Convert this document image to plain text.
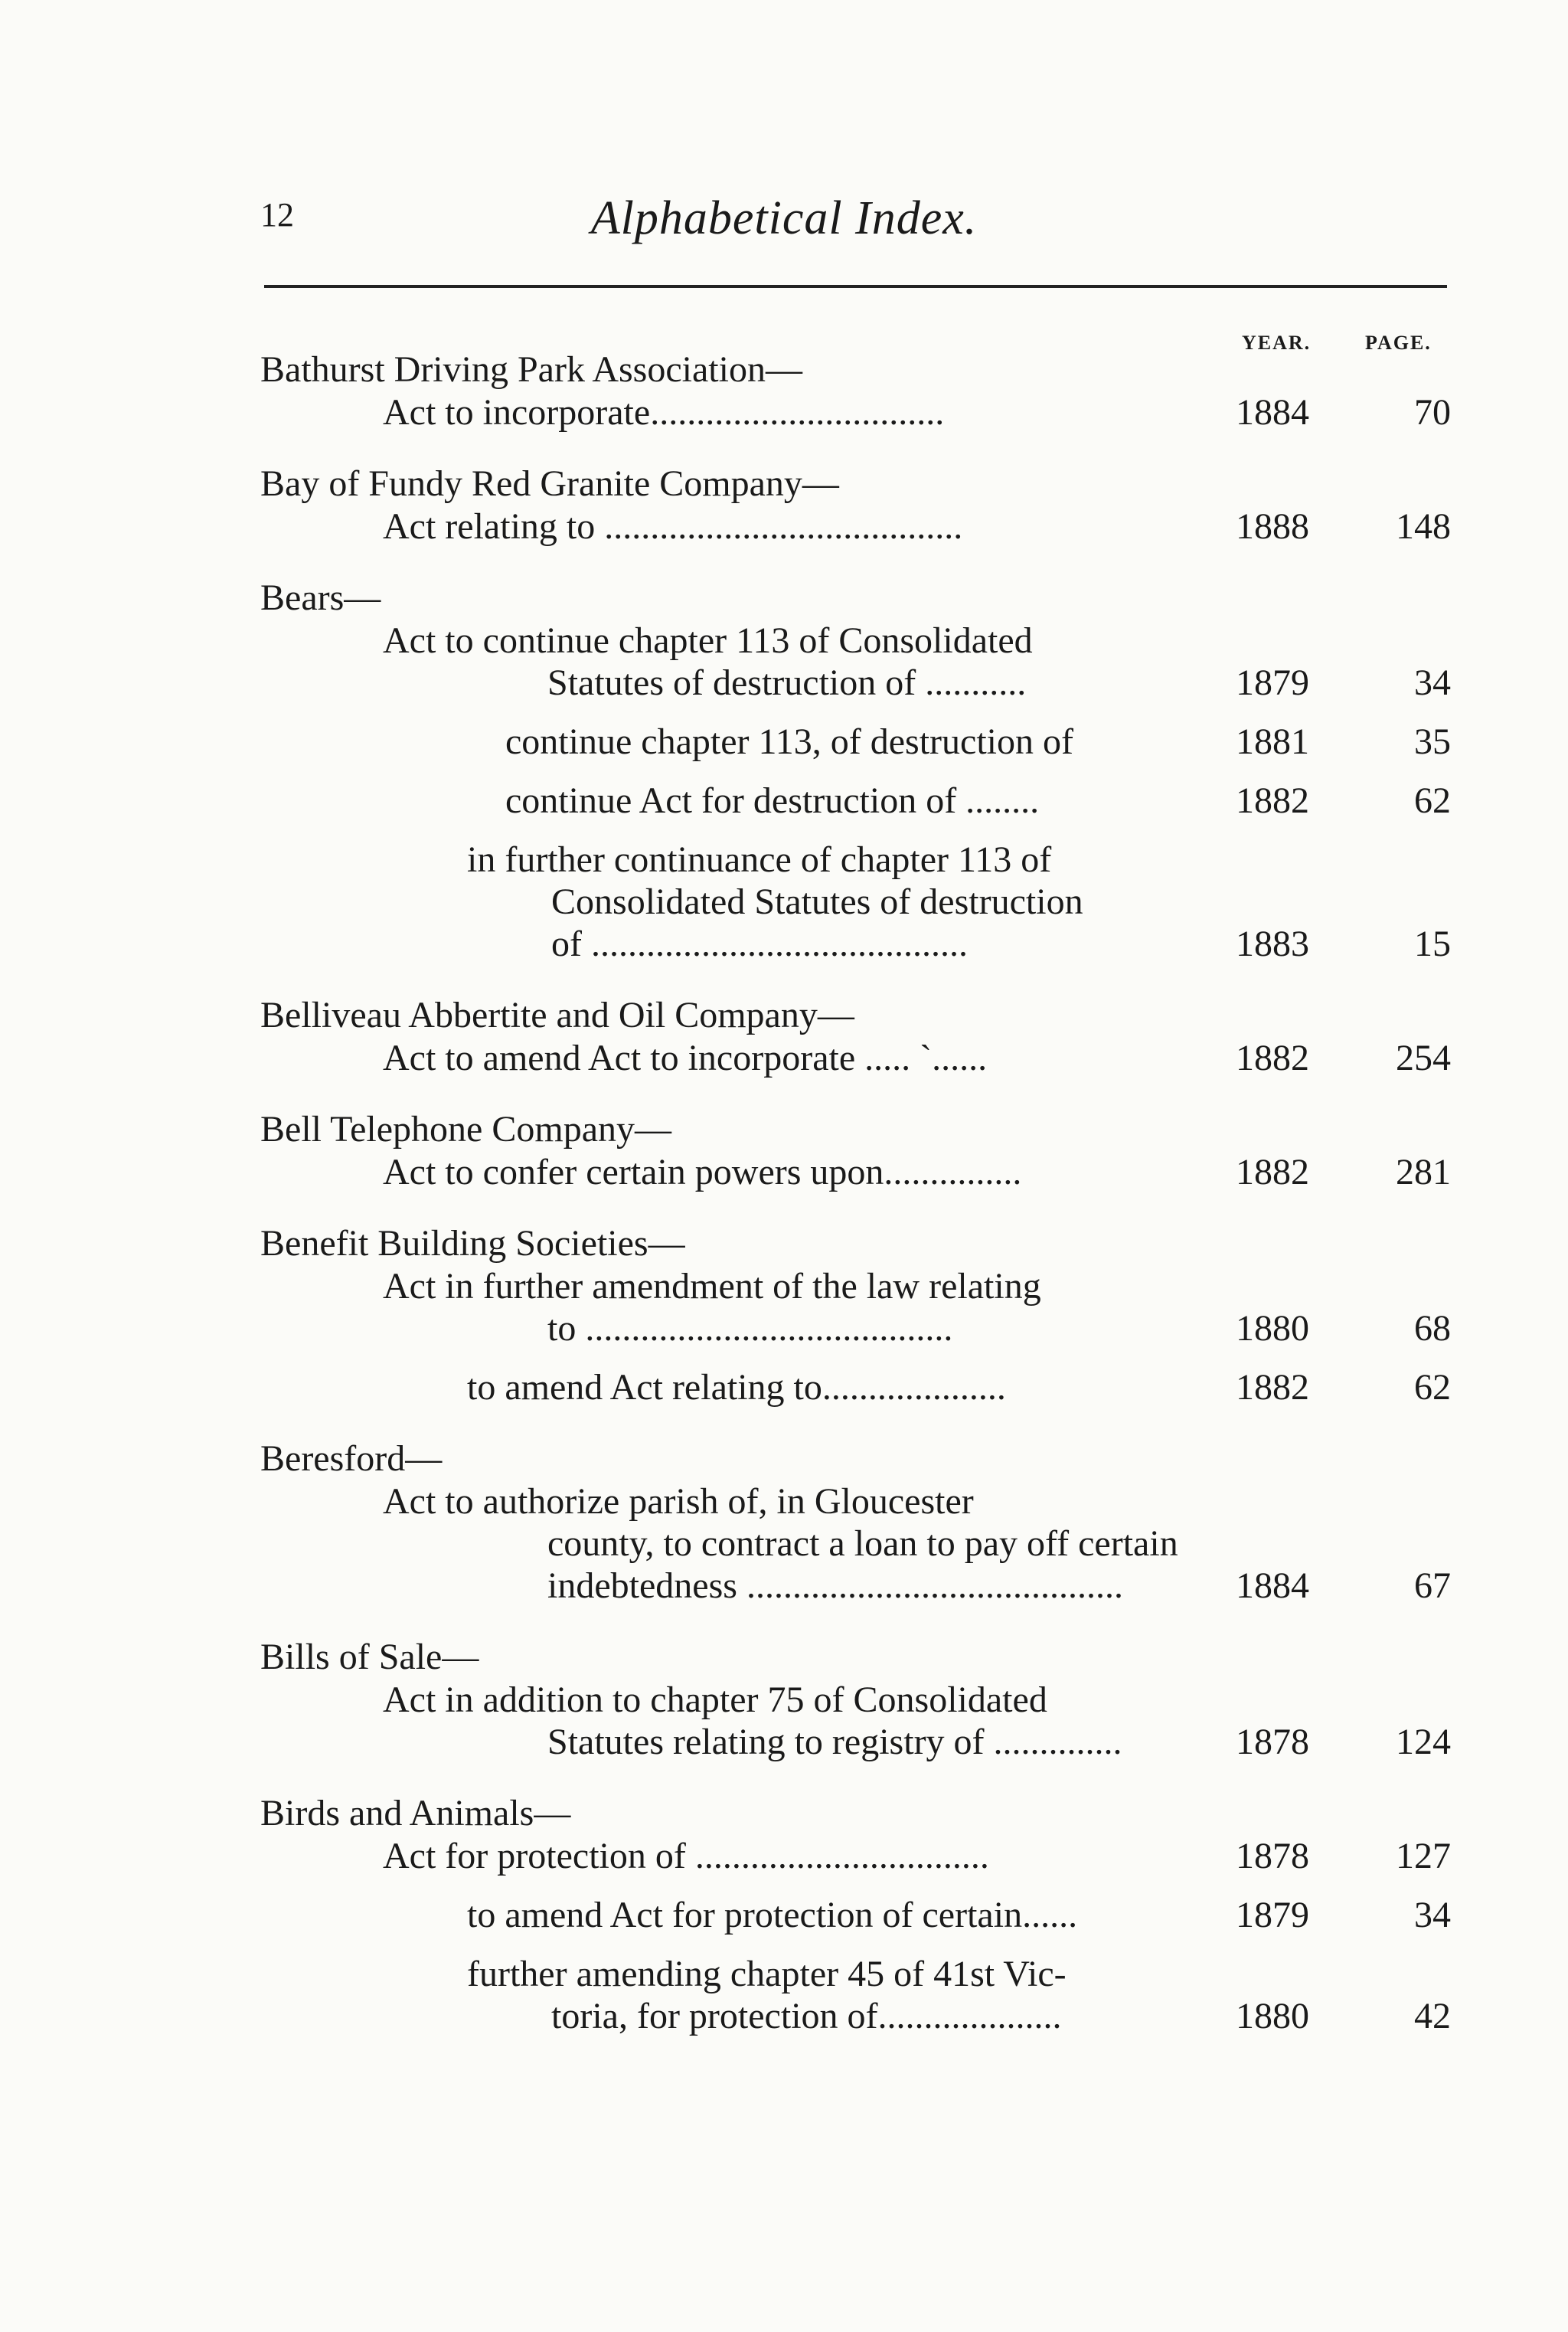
12	Alphabetical Index.
YEAR.	PAGE.
Bathurst Driving Park Association—
Act to incorporate................................	1884	70
Bay of Fundy Red Granite Company—
Act relating to .......................................	1888	148
Bears—
Act to continue chapter 113 of Consolidated
Statutes of destruction of ...........	1879	34
continue chapter 113, of destruction of	1881	35
continue Act for destruction of ........	1882	62
in further continuance of chapter 113 of
Consolidated Statutes of destruction
of .........................................	1883	15
Belliveau Abbertite and Oil Company—
Act to amend Act to incorporate ..... `......	1882	254
Bell Telephone Company—
Act to confer certain powers upon...............	1882	281
Benefit Building Societies—
Act in further amendment of the law relating
to ........................................	1880	68
to amend Act relating to....................	1882	62
Beresford—
Act to authorize parish of, in Gloucester
county, to contract a loan to pay off certain
indebtedness .........................................	1884	67
Bills of Sale—
Act in addition to chapter 75 of Consolidated
Statutes relating to registry of ..............	1878	124
Birds and Animals—
Act for protection of ................................	1878	127
to amend Act for protection of certain......	1879	34
further amending chapter 45 of 41st Vic-
toria, for protection of....................	1880	42
